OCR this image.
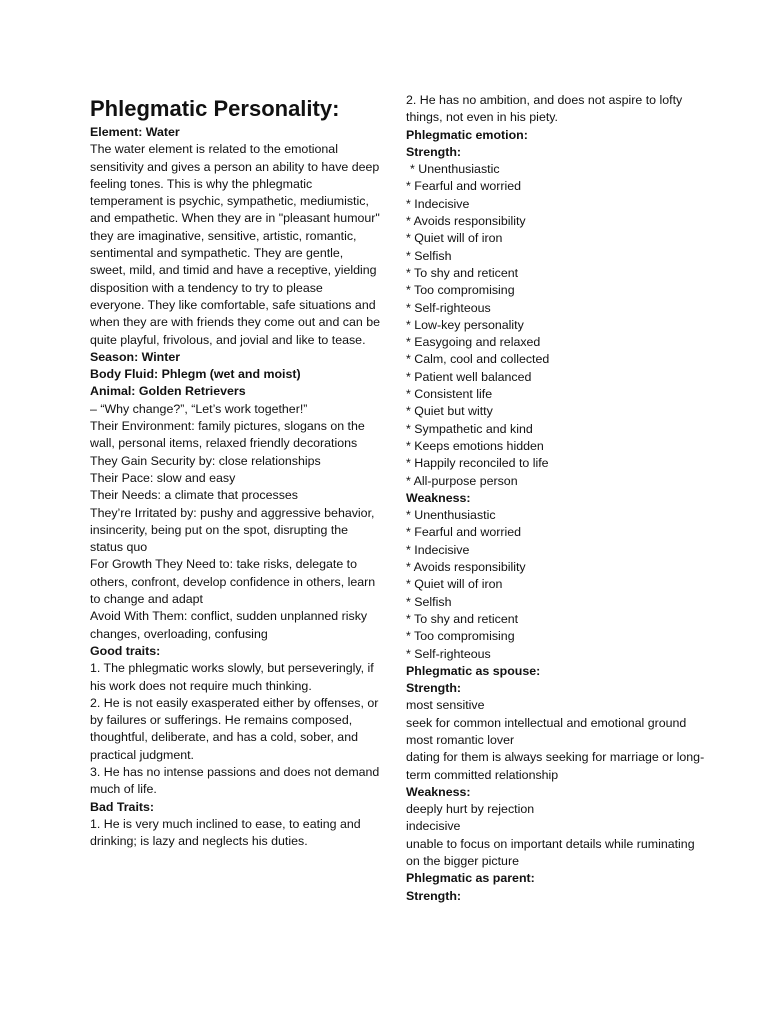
Phlegmatic Personality:
Element: Water
The water element is related to the emotional sensitivity and gives a person an ability to have deep feeling tones. This is why the phlegmatic temperament is psychic, sympathetic, mediumistic, and empathetic. When they are in "pleasant humour" they are imaginative, sensitive, artistic, romantic, sentimental and sympathetic. They are gentle, sweet, mild, and timid and have a receptive, yielding disposition with a tendency to try to please everyone. They like comfortable, safe situations and when they are with friends they come out and can be quite playful, frivolous, and jovial and like to tease.
Season: Winter
Body Fluid: Phlegm (wet and moist)
Animal: Golden Retrievers
– “Why change?”, “Let’s work together!”
Their Environment: family pictures, slogans on the wall, personal items, relaxed friendly decorations
They Gain Security by: close relationships
Their Pace: slow and easy
Their Needs: a climate that processes
They’re Irritated by: pushy and aggressive behavior, insincerity, being put on the spot, disrupting the status quo
For Growth They Need to: take risks, delegate to others, confront, develop confidence in others, learn to change and adapt
Avoid With Them: conflict, sudden unplanned risky changes, overloading, confusing
Good traits:
1. The phlegmatic works slowly, but perseveringly, if his work does not require much thinking.
2. He is not easily exasperated either by offenses, or by failures or sufferings. He remains composed, thoughtful, deliberate, and has a cold, sober, and practical judgment.
3. He has no intense passions and does not demand much of life.
Bad Traits:
1. He is very much inclined to ease, to eating and drinking; is lazy and neglects his duties.
2. He has no ambition, and does not aspire to lofty things, not even in his piety.
Phlegmatic emotion:
Strength:
* Unenthusiastic
* Fearful and worried
* Indecisive
* Avoids responsibility
* Quiet will of iron
* Selfish
* To shy and reticent
* Too compromising
* Self-righteous
* Low-key personality
* Easygoing and relaxed
* Calm, cool and collected
* Patient well balanced
* Consistent life
* Quiet but witty
* Sympathetic and kind
* Keeps emotions hidden
* Happily reconciled to life
* All-purpose person
Weakness:
* Unenthusiastic
* Fearful and worried
* Indecisive
* Avoids responsibility
* Quiet will of iron
* Selfish
* To shy and reticent
* Too compromising
* Self-righteous
Phlegmatic as spouse:
Strength:
most sensitive
seek for common intellectual and emotional ground
most romantic lover
dating for them is always seeking for marriage or long-term committed relationship
Weakness:
deeply hurt by rejection
indecisive
unable to focus on important details while ruminating on the bigger picture
Phlegmatic as parent:
Strength:
